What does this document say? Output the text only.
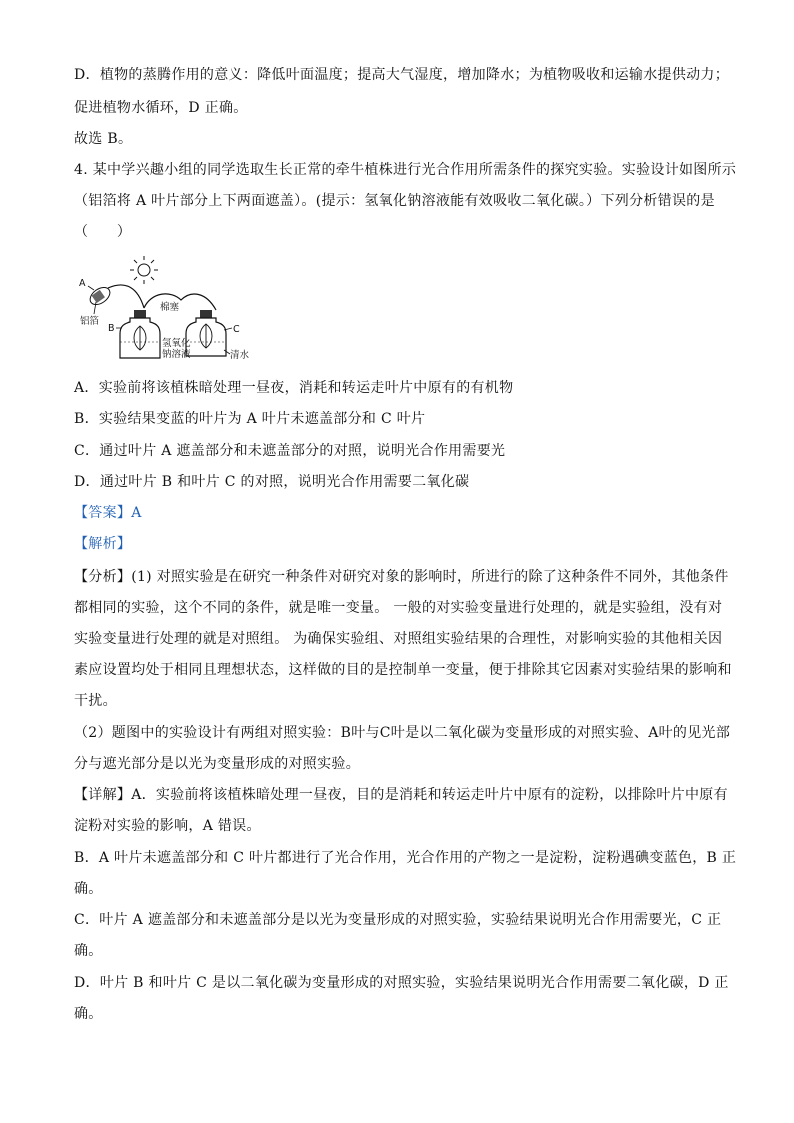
D．植物的蒸腾作用的意义：降低叶面温度；提高大气湿度，增加降水；为植物吸收和运输水提供动力；
促进植物水循环，D 正确。
故选 B。
4. 某中学兴趣小组的同学选取生长正常的牵牛植株进行光合作用所需条件的探究实验。实验设计如图所示
（铝箔将 A 叶片部分上下两面遮盖）。(提示：氢氧化钠溶液能有效吸收二氧化碳。）下列分析错误的是
（　　）
A
铝箔
B
棉塞
C
氢氧化
钠溶液	清水
A．实验前将该植株暗处理一昼夜，消耗和转运走叶片中原有的有机物
B．实验结果变蓝的叶片为 A 叶片未遮盖部分和 C 叶片
C．通过叶片 A 遮盖部分和未遮盖部分的对照，说明光合作用需要光
D．通过叶片 B 和叶片 C 的对照，说明光合作用需要二氧化碳
【答案】A
【解析】
【分析】(1) 对照实验是在研究一种条件对研究对象的影响时，所进行的除了这种条件不同外，其他条件
都相同的实验，这个不同的条件，就是唯一变量。 一般的对实验变量进行处理的，就是实验组，没有对
实验变量进行处理的就是对照组。 为确保实验组、对照组实验结果的合理性，对影响实验的其他相关因
素应设置均处于相同且理想状态，这样做的目的是控制单一变量，便于排除其它因素对实验结果的影响和
干扰。
（2）题图中的实验设计有两组对照实验：B叶与C叶是以二氧化碳为变量形成的对照实验、A叶的见光部
分与遮光部分是以光为变量形成的对照实验。
【详解】A．实验前将该植株暗处理一昼夜，目的是消耗和转运走叶片中原有的淀粉，以排除叶片中原有
淀粉对实验的影响，A 错误。
B．A 叶片未遮盖部分和 C 叶片都进行了光合作用，光合作用的产物之一是淀粉，淀粉遇碘变蓝色，B 正
确。
C．叶片 A 遮盖部分和未遮盖部分是以光为变量形成的对照实验，实验结果说明光合作用需要光，C 正
确。
D．叶片 B 和叶片 C 是以二氧化碳为变量形成的对照实验，实验结果说明光合作用需要二氧化碳，D 正
确。
